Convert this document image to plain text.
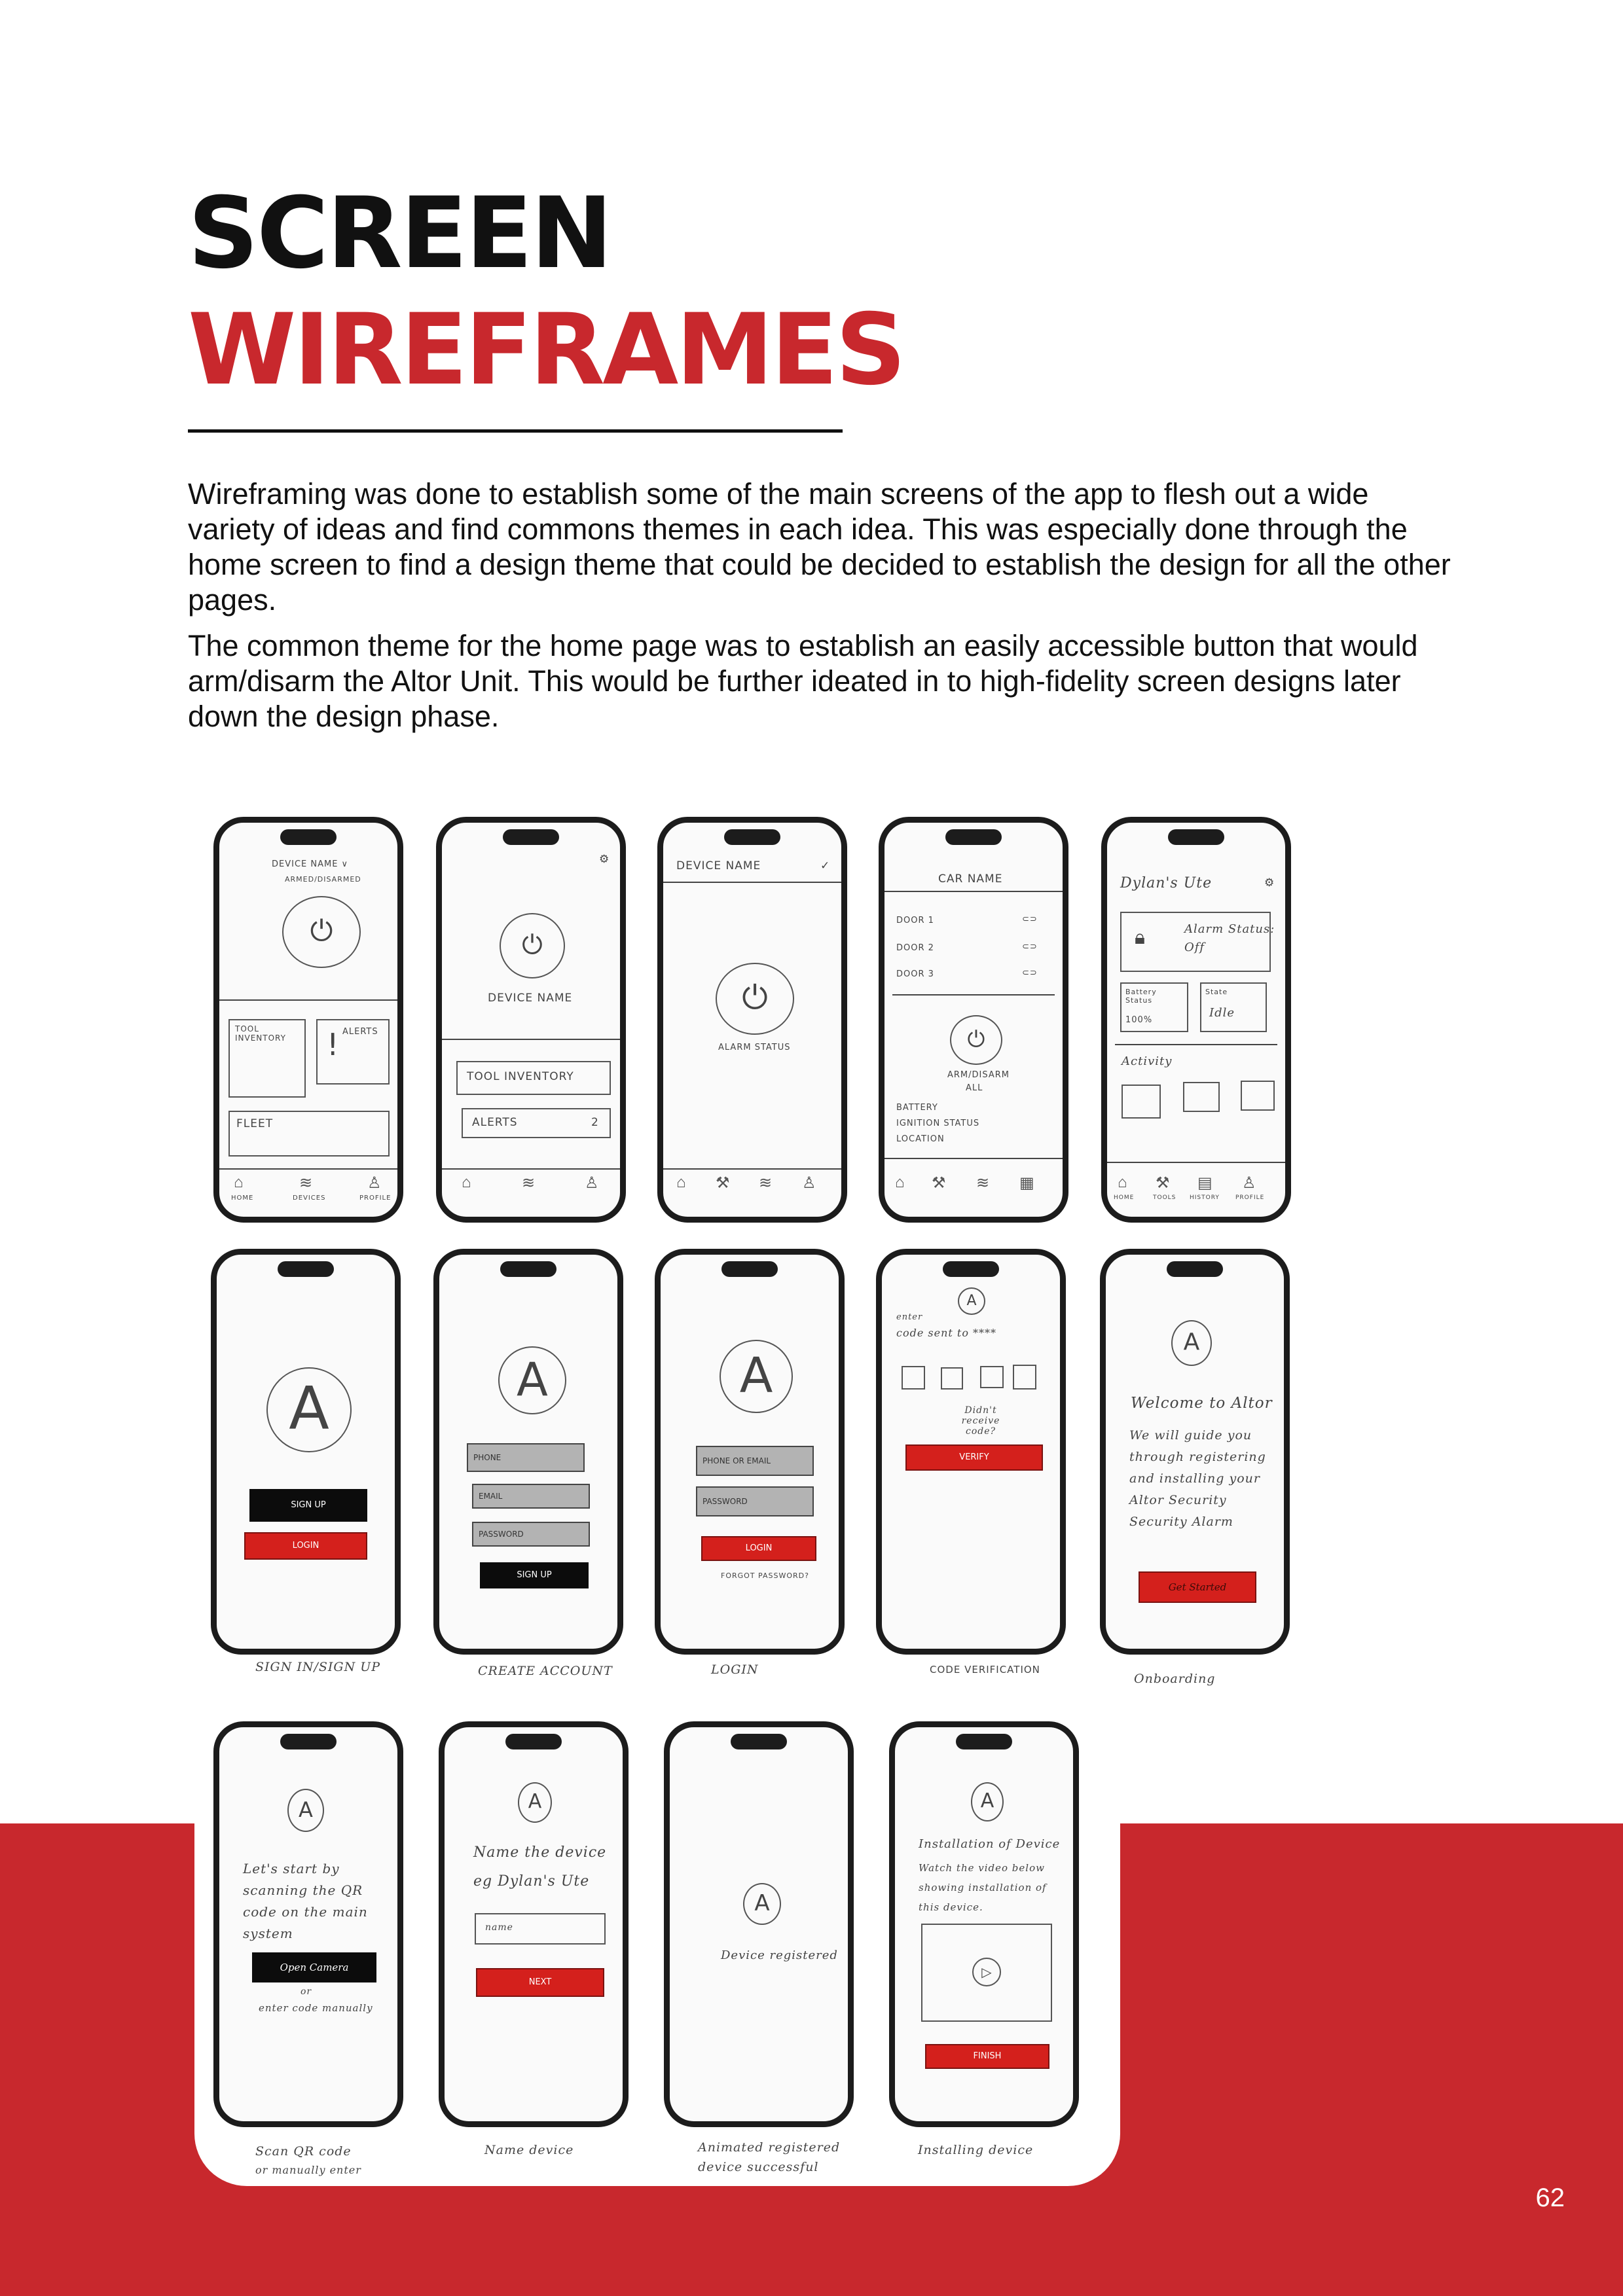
SCREEN
WIREFRAMES

Wireframing was done to establish some of the main screens of the app to flesh out a wide variety of ideas and find commons themes in each idea. This was especially done through the home screen to find a design theme that could be decided to establish the design for all the other pages.

The common theme for the home page was to establish an easily accessible button that would arm/disarm the Altor Unit. This would be further ideated in to high-fidelity screen designs later down the design phase.

62
DEVICE NAME ∨
ARMED/DISARMED
⏻
TOOL INVENTORY
ALERTS
!
FLEET
⌂	≋	♙
HOME	DEVICES	PROFILE
⚙
⏻
DEVICE NAME
TOOL INVENTORY
ALERTS	2
⌂	≋	♙
DEVICE NAME	✓
⏻
ALARM STATUS
⌂ ⚒ ≋ ♙
CAR NAME
DOOR 1	⊂⊃
DOOR 2	⊂⊃
DOOR 3	⊂⊃
⏻
ARM/DISARM
ALL
BATTERY
IGNITION STATUS
LOCATION
⌂ ⚒ ≋ ▦
Dylan's Ute	⚙
🔒︎	Alarm Status:
Off
Battery Status
100%
State
Idle
Activity
⌂ ⚒ ▤ ♙
HOME	TOOLS HISTORY	PROFILE
A
SIGN UP
LOGIN
SIGN IN/SIGN UP
A
PHONE
EMAIL
PASSWORD
SIGN UP
CREATE ACCOUNT
A
PHONE OR EMAIL
PASSWORD
LOGIN
FORGOT PASSWORD?
LOGIN
A
enter
code sent to ****
Didn't receive code?
VERIFY
CODE VERIFICATION
A
Welcome to Altor
We will guide you through registering and installing your Altor Security Security Alarm
Get Started
Onboarding
A
Let's start by scanning the QR code on the main system
Open Camera
or
enter code manually
Scan QR code
or manually enter
A
Name the device eg Dylan's Ute
name
NEXT
Name device
A
Device registered
Animated registered
device successful
A
Installation of Device
Watch the video below showing installation of this device.
▷
FINISH
Installing device
